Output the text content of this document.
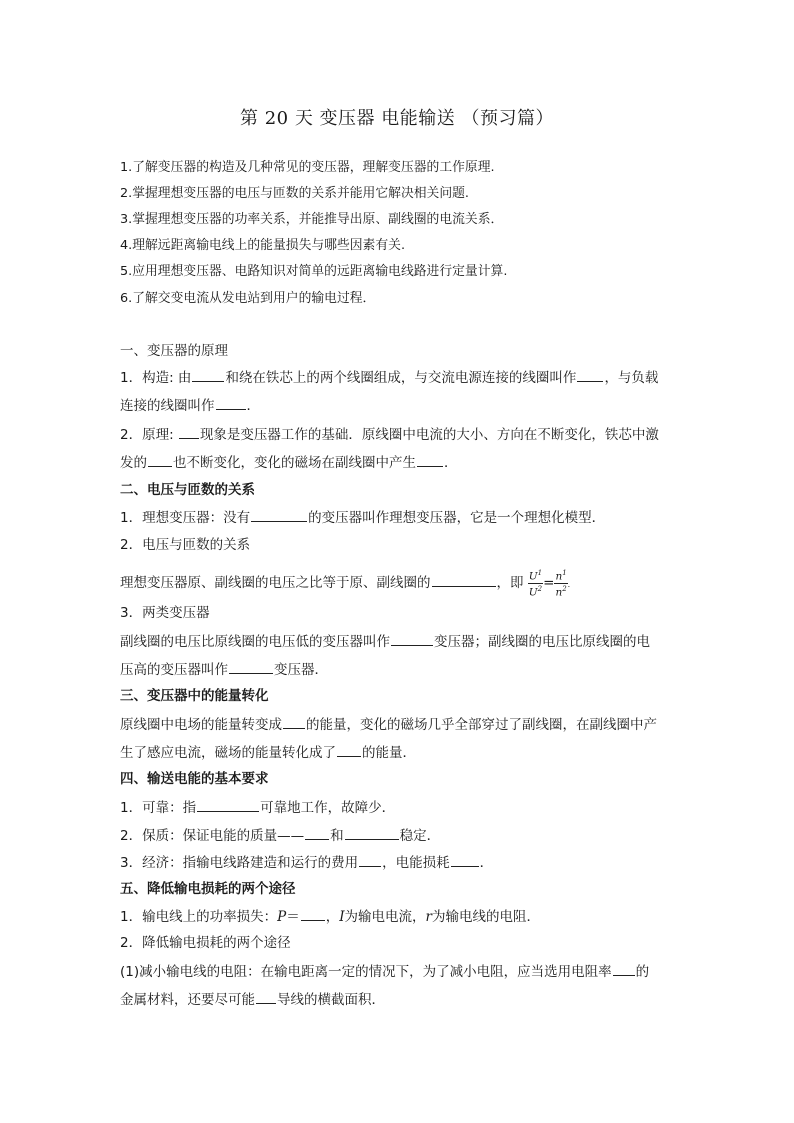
第 20 天 变压器 电能输送 （预习篇）
1.了解变压器的构造及几种常见的变压器，理解变压器的工作原理.
2.掌握理想变压器的电压与匝数的关系并能用它解决相关问题.
3.掌握理想变压器的功率关系，并能推导出原、副线圈的电流关系．
4.理解远距离输电线上的能量损失与哪些因素有关.
5.应用理想变压器、电路知识对简单的远距离输电线路进行定量计算.
6.了解交变电流从发电站到用户的输电过程．
一、变压器的原理
1．构造: 由	和绕在铁芯上的两个线圈组成，与交流电源连接的线圈叫作 ，与负载
连接的线圈叫作 ．
2．原理: 现象是变压器工作的基础．原线圈中电流的大小、方向在不断变化，铁芯中激
发的 也不断变化，变化的磁场在副线圈中产生 ．
二、电压与匝数的关系
1．理想变压器：没有	的变压器叫作理想变压器，它是一个理想化模型．
2．电压与匝数的关系
理想变压器原、副线圈的电压之比等于原、副线圈的	，即 $\frac{U^1}{U^2} = \frac{n^1}{n^2}$ .
3．两类变压器
副线圈的电压比原线圈的电压低的变压器叫作	变压器；副线圈的电压比原线圈的电
压高的变压器叫作	变压器．
三、变压器中的能量转化
原线圈中电场的能量转变成 的能量，变化的磁场几乎全部穿过了副线圈，在副线圈中产
生了感应电流，磁场的能量转化成了 的能量．
四、输送电能的基本要求
1．可靠：指	可靠地工作，故障少．
2．保质：保证电能的质量—— 和	稳定．
3．经济：指输电线路建造和运行的费用 ，电能损耗 ．
五、降低输电损耗的两个途径
1．输电线上的功率损失：P＝ ，I为输电电流，r为输电线的电阻．
2．降低输电损耗的两个途径
(1)减小输电线的电阻：在输电距离一定的情况下，为了减小电阻，应当选用电阻率 的
金属材料，还要尽可能 导线的横截面积．
